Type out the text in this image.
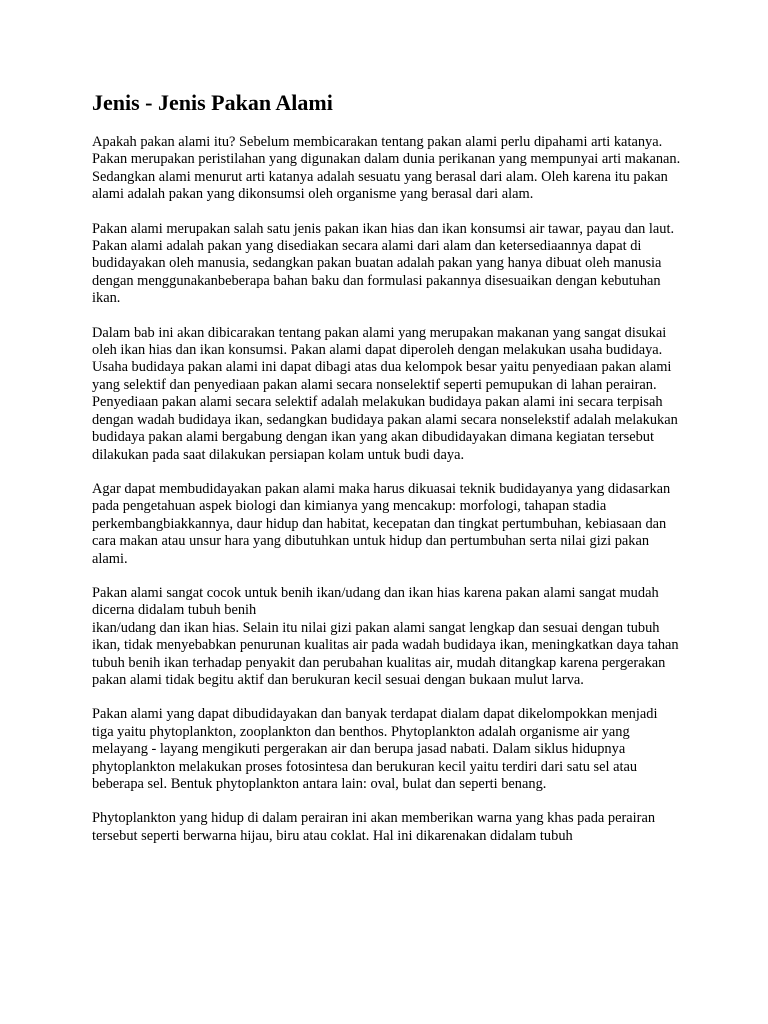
Jenis - Jenis Pakan Alami

Apakah pakan alami itu? Sebelum membicarakan tentang pakan alami perlu dipahami arti katanya. Pakan merupakan peristilahan yang digunakan dalam dunia perikanan yang mempunyai arti makanan. Sedangkan alami menurut arti katanya adalah sesuatu yang berasal dari alam. Oleh karena itu pakan alami adalah pakan yang dikonsumsi oleh organisme yang berasal dari alam.

Pakan alami merupakan salah satu jenis pakan ikan hias dan ikan konsumsi air tawar, payau dan laut. Pakan alami adalah pakan yang disediakan secara alami dari alam dan ketersediaannya dapat di budidayakan oleh manusia, sedangkan pakan buatan adalah pakan yang hanya dibuat oleh manusia dengan menggunakanbeberapa bahan baku dan formulasi pakannya disesuaikan dengan kebutuhan ikan.

Dalam bab ini akan dibicarakan tentang pakan alami yang merupakan makanan yang sangat disukai oleh ikan hias dan ikan konsumsi. Pakan alami dapat diperoleh dengan melakukan usaha budidaya. Usaha budidaya pakan alami ini dapat dibagi atas dua kelompok besar yaitu penyediaan pakan alami yang selektif dan penyediaan pakan alami secara nonselektif seperti pemupukan di lahan perairan. Penyediaan pakan alami secara selektif adalah melakukan budidaya pakan alami ini secara terpisah dengan wadah budidaya ikan, sedangkan budidaya pakan alami secara nonselekstif adalah melakukan budidaya pakan alami bergabung dengan ikan yang akan dibudidayakan dimana kegiatan tersebut dilakukan pada saat dilakukan persiapan kolam untuk budi daya.

Agar dapat membudidayakan pakan alami maka harus dikuasai teknik budidayanya yang didasarkan pada pengetahuan aspek biologi dan kimianya yang mencakup: morfologi, tahapan stadia perkembangbiakkannya, daur hidup dan habitat, kecepatan dan tingkat pertumbuhan, kebiasaan dan cara makan atau unsur hara yang dibutuhkan untuk hidup dan pertumbuhan serta nilai gizi pakan alami.

Pakan alami sangat cocok untuk benih ikan/udang dan ikan hias karena pakan alami sangat mudah dicerna didalam tubuh benih
ikan/udang dan ikan hias. Selain itu nilai gizi pakan alami sangat lengkap dan sesuai dengan tubuh ikan, tidak menyebabkan penurunan kualitas air pada wadah budidaya ikan, meningkatkan daya tahan tubuh benih ikan terhadap penyakit dan perubahan kualitas air, mudah ditangkap karena pergerakan pakan alami tidak begitu aktif dan berukuran kecil sesuai dengan bukaan mulut larva.

Pakan alami yang dapat dibudidayakan dan banyak terdapat dialam dapat dikelompokkan menjadi tiga yaitu phytoplankton, zooplankton dan benthos. Phytoplankton adalah organisme air yang melayang - layang mengikuti pergerakan air dan berupa jasad nabati. Dalam siklus hidupnya phytoplankton melakukan proses fotosintesa dan berukuran kecil yaitu terdiri dari satu sel atau beberapa sel. Bentuk phytoplankton antara lain: oval, bulat dan seperti benang.

Phytoplankton yang hidup di dalam perairan ini akan memberikan warna yang khas pada perairan tersebut seperti berwarna hijau, biru atau coklat. Hal ini dikarenakan didalam tubuh
